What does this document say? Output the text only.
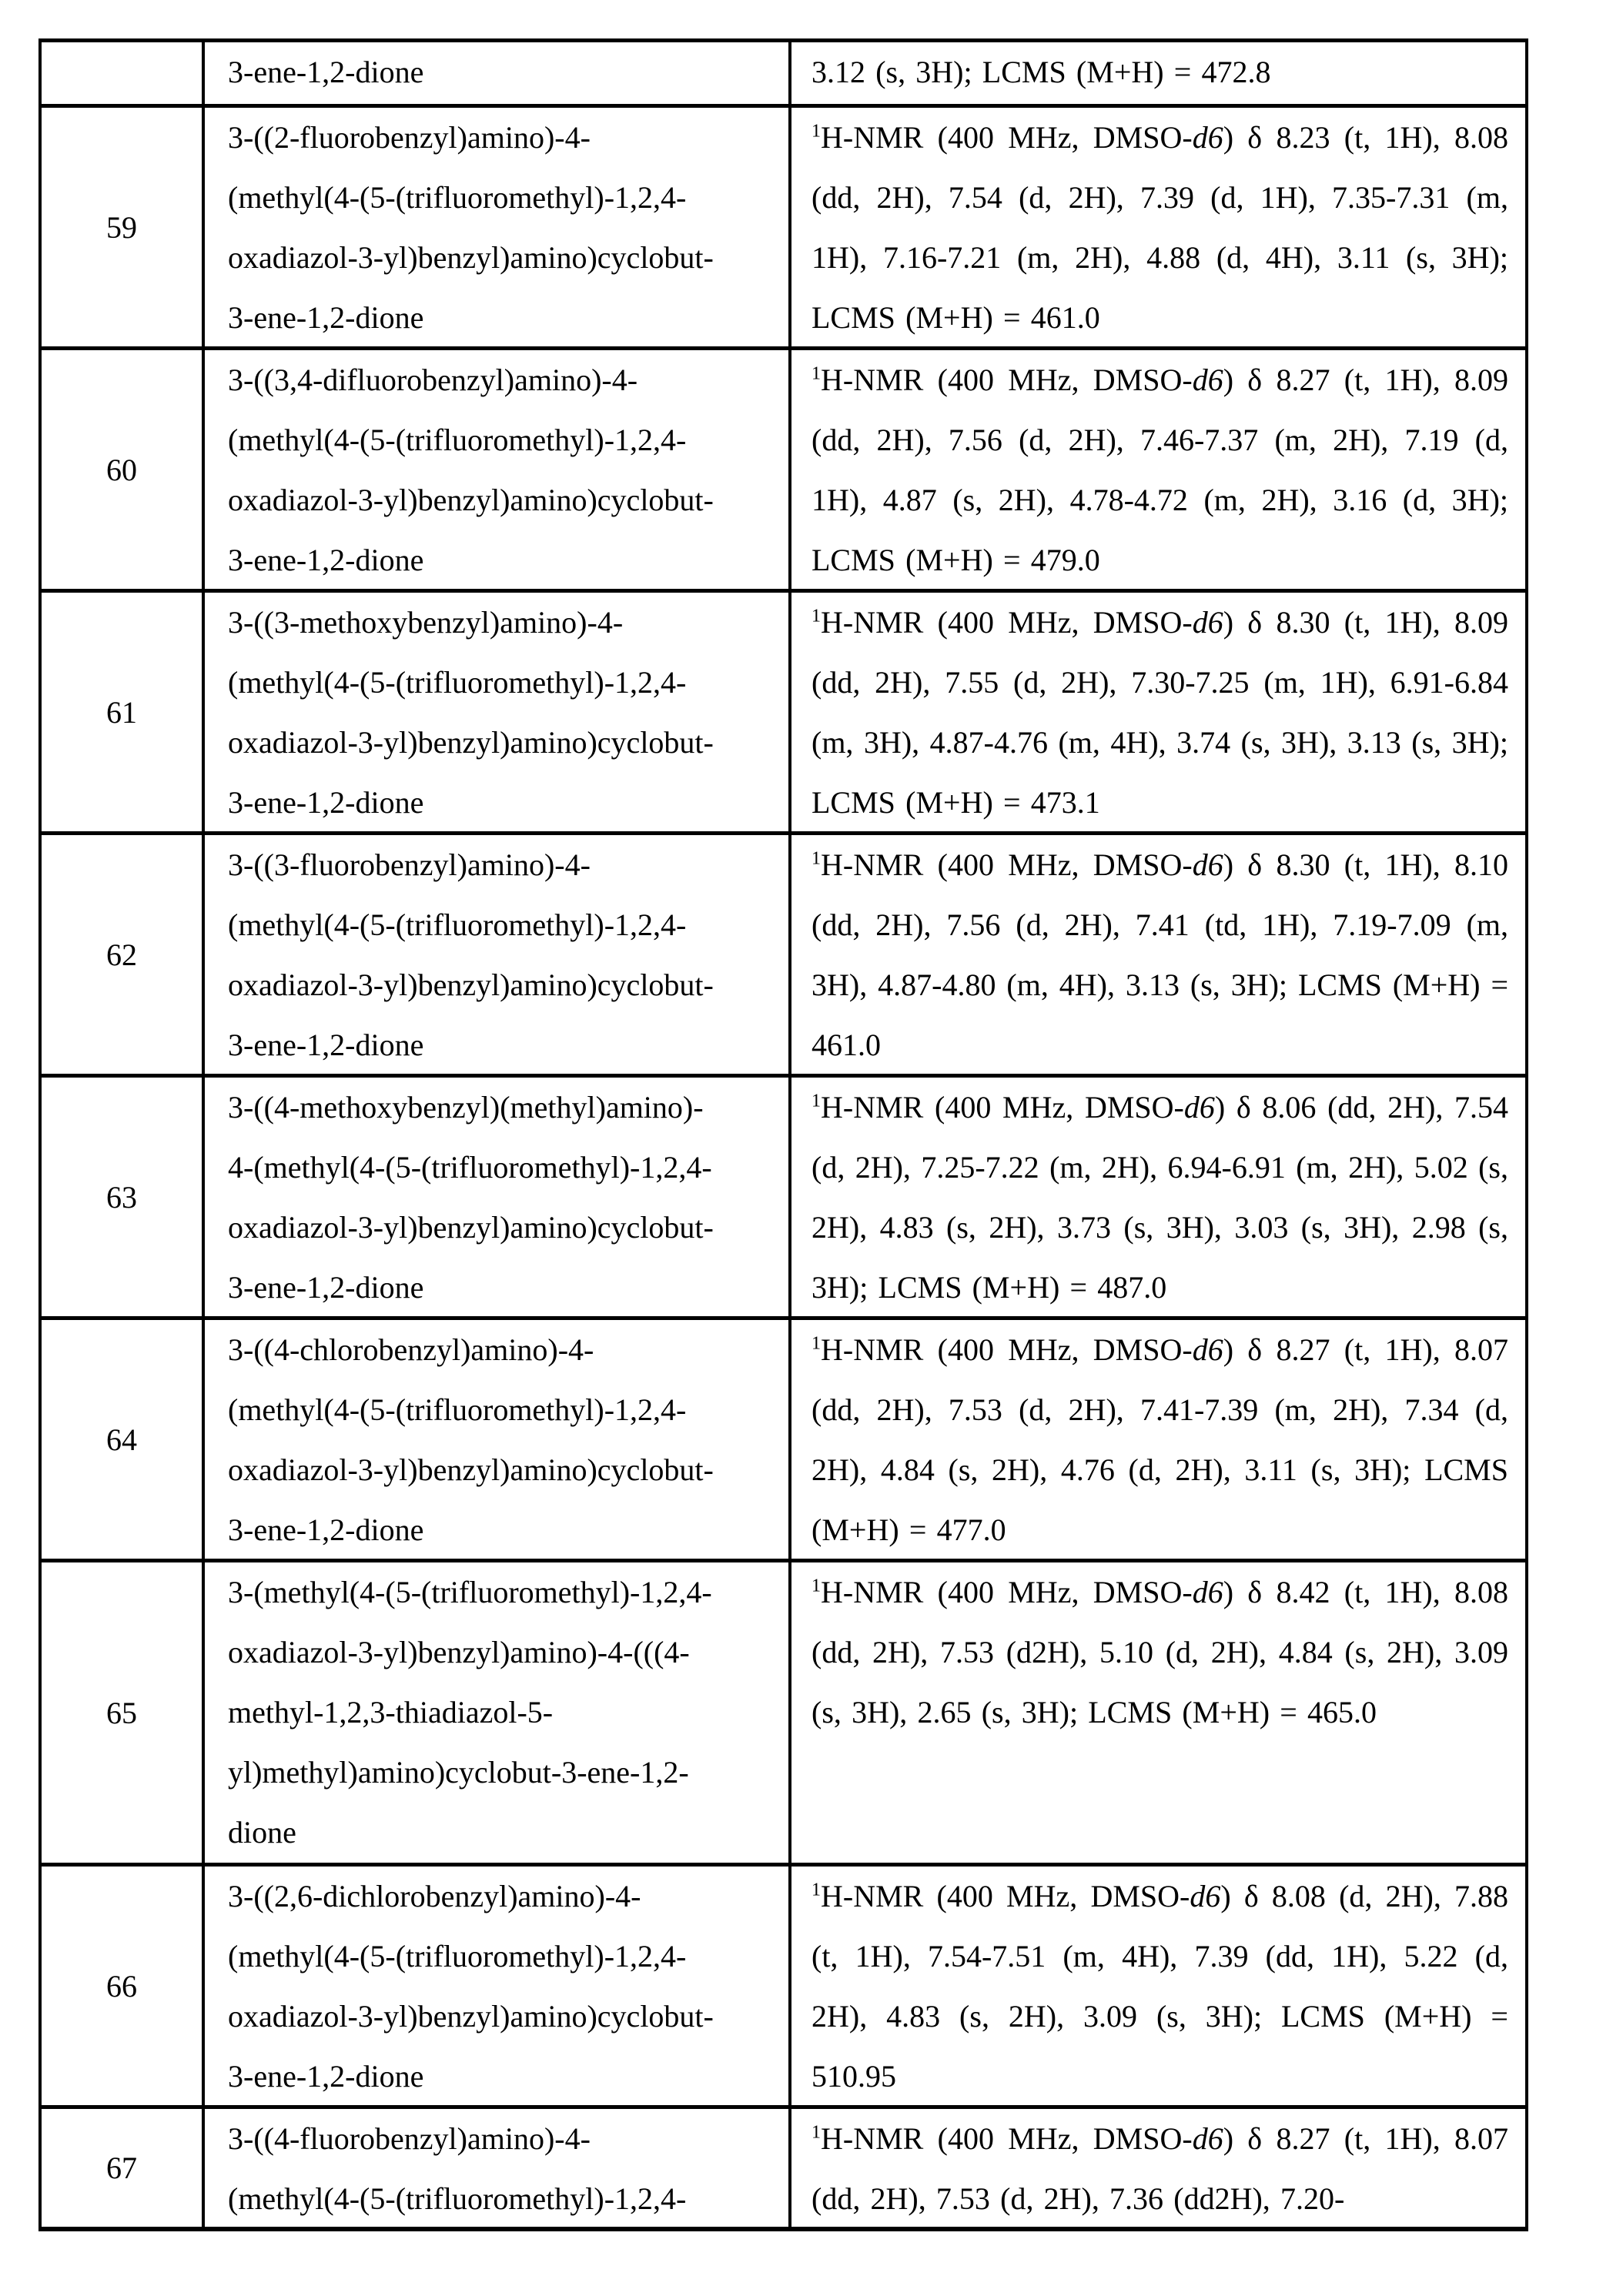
3-ene-1,2-dione	3.12 (s, 3H); LCMS (M+H) = 472.8
59
3-((2-fluorobenzyl)amino)-4-
(methyl(4-(5-(trifluoromethyl)-1,2,4-
oxadiazol-3-yl)benzyl)amino)cyclobut-
3-ene-1,2-dione
$^1$H-NMR (400 MHz, DMSO-d6) δ 8.23 (t, 1H), 8.08 (dd, 2H), 7.54 (d, 2H), 7.39 (d, 1H), 7.35-7.31 (m, 1H), 7.16-7.21 (m, 2H), 4.88 (d, 4H), 3.11 (s, 3H); LCMS (M+H) = 461.0
60
3-((3,4-difluorobenzyl)amino)-4-
(methyl(4-(5-(trifluoromethyl)-1,2,4-
oxadiazol-3-yl)benzyl)amino)cyclobut-
3-ene-1,2-dione
$^1$H-NMR (400 MHz, DMSO-d6) δ 8.27 (t, 1H), 8.09 (dd, 2H), 7.56 (d, 2H), 7.46-7.37 (m, 2H), 7.19 (d, 1H), 4.87 (s, 2H), 4.78-4.72 (m, 2H), 3.16 (d, 3H); LCMS (M+H) = 479.0
61
3-((3-methoxybenzyl)amino)-4-
(methyl(4-(5-(trifluoromethyl)-1,2,4-
oxadiazol-3-yl)benzyl)amino)cyclobut-
3-ene-1,2-dione
$^1$H-NMR (400 MHz, DMSO-d6) δ 8.30 (t, 1H), 8.09 (dd, 2H), 7.55 (d, 2H), 7.30-7.25 (m, 1H), 6.91-6.84 (m, 3H), 4.87-4.76 (m, 4H), 3.74 (s, 3H), 3.13 (s, 3H); LCMS (M+H) = 473.1
62
3-((3-fluorobenzyl)amino)-4-
(methyl(4-(5-(trifluoromethyl)-1,2,4-
oxadiazol-3-yl)benzyl)amino)cyclobut-
3-ene-1,2-dione
$^1$H-NMR (400 MHz, DMSO-d6) δ 8.30 (t, 1H), 8.10 (dd, 2H), 7.56 (d, 2H), 7.41 (td, 1H), 7.19-7.09 (m, 3H), 4.87-4.80 (m, 4H), 3.13 (s, 3H); LCMS (M+H) = 461.0
63
3-((4-methoxybenzyl)(methyl)amino)-
4-(methyl(4-(5-(trifluoromethyl)-1,2,4-
oxadiazol-3-yl)benzyl)amino)cyclobut-
3-ene-1,2-dione
$^1$H-NMR (400 MHz, DMSO-d6) δ 8.06 (dd, 2H), 7.54 (d, 2H), 7.25-7.22 (m, 2H), 6.94-6.91 (m, 2H), 5.02 (s, 2H), 4.83 (s, 2H), 3.73 (s, 3H), 3.03 (s, 3H), 2.98 (s, 3H); LCMS (M+H) = 487.0
64
3-((4-chlorobenzyl)amino)-4-
(methyl(4-(5-(trifluoromethyl)-1,2,4-
oxadiazol-3-yl)benzyl)amino)cyclobut-
3-ene-1,2-dione
$^1$H-NMR (400 MHz, DMSO-d6) δ 8.27 (t, 1H), 8.07 (dd, 2H), 7.53 (d, 2H), 7.41-7.39 (m, 2H), 7.34 (d, 2H), 4.84 (s, 2H), 4.76 (d, 2H), 3.11 (s, 3H); LCMS (M+H) = 477.0
65
3-(methyl(4-(5-(trifluoromethyl)-1,2,4-
oxadiazol-3-yl)benzyl)amino)-4-(((4-
methyl-1,2,3-thiadiazol-5-
yl)methyl)amino)cyclobut-3-ene-1,2-
dione
$^1$H-NMR (400 MHz, DMSO-d6) δ 8.42 (t, 1H), 8.08 (dd, 2H), 7.53 (d2H), 5.10 (d, 2H), 4.84 (s, 2H), 3.09 (s, 3H), 2.65 (s, 3H); LCMS (M+H) = 465.0
66
3-((2,6-dichlorobenzyl)amino)-4-
(methyl(4-(5-(trifluoromethyl)-1,2,4-
oxadiazol-3-yl)benzyl)amino)cyclobut-
3-ene-1,2-dione
$^1$H-NMR (400 MHz, DMSO-d6) δ 8.08 (d, 2H), 7.88 (t, 1H), 7.54-7.51 (m, 4H), 7.39 (dd, 1H), 5.22 (d, 2H), 4.83 (s, 2H), 3.09 (s, 3H); LCMS (M+H) = 510.95
67
3-((4-fluorobenzyl)amino)-4-
(methyl(4-(5-(trifluoromethyl)-1,2,4-
$^1$H-NMR (400 MHz, DMSO-d6) δ 8.27 (t, 1H), 8.07 (dd, 2H), 7.53 (d, 2H), 7.36 (dd2H), 7.20-
